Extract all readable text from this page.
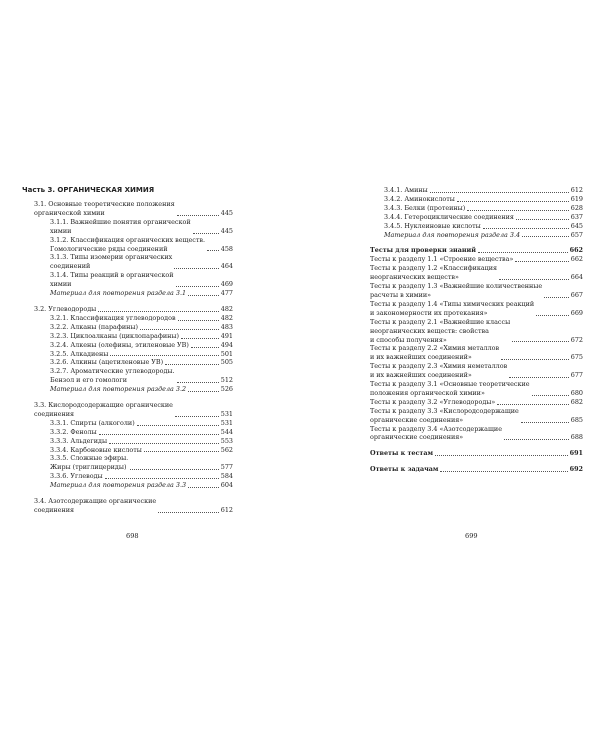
Часть 3. ОРГАНИЧЕСКАЯ ХИМИЯ
3.1. Основные теоретические положения
органической химии	445
3.1.1. Важнейшие понятия органической
химии	445
3.1.2. Классификация органических веществ.
Гомологические ряды соединений	458
3.1.3. Типы изомерии органических
соединений	464
3.1.4. Типы реакций в органической
химии	469
Материал для повторения раздела 3.1	477
3.2. Углеводороды	482
3.2.1. Классификация углеводородов	482
3.2.2. Алканы (парафины)	483
3.2.3. Циклоалканы (циклопарафины)	491
3.2.4. Алкены (олефины, этиленовые УВ)	494
3.2.5. Алкадиены	501
3.2.6. Алкины (ацетиленовые УВ)	505
3.2.7. Ароматические углеводороды.
Бензол и его гомологи	512
Материал для повторения раздела 3.2	526
3.3. Кислородсодержащие органические
соединения	531
3.3.1. Спирты (алкоголи)	531
3.3.2. Фенолы	544
3.3.3. Альдегиды	553
3.3.4. Карбоновые кислоты	562
3.3.5. Сложные эфиры.
Жиры (триглицериды)	577
3.3.6. Углеводы	584
Материал для повторения раздела 3.3	604
3.4. Азотсодержащие органические
соединения	612
3.4.1. Амины	612
3.4.2. Аминокислоты	619
3.4.3. Белки (протеины)	628
3.4.4. Гетероциклические соединения	637
3.4.5. Нуклеиновые кислоты	645
Материал для повторения раздела 3.4	657
Тесты для проверки знаний	662
Тесты к разделу 1.1 «Строение вещества»	662
Тесты к разделу 1.2 «Классификация
неорганических веществ»	664
Тесты к разделу 1.3 «Важнейшие количественные
расчеты в химии»	667
Тесты к разделу 1.4 «Типы химических реакций
и закономерности их протекания»	669
Тесты к разделу 2.1 «Важнейшие классы
неорганических веществ: свойства
и способы получения»	672
Тесты к разделу 2.2 «Химия металлов
и их важнейших соединений»	675
Тесты к разделу 2.3 «Химия неметаллов
и их важнейших соединений»	677
Тесты к разделу 3.1 «Основные теоретические
положения органической химии»	680
Тесты к разделу 3.2 «Углеводороды»	682
Тесты к разделу 3.3 «Кислородсодержащие
органические соединения»	685
Тесты к разделу 3.4 «Азотсодержащие
органические соединения»	688
Ответы к тестам	691
Ответы к задачам	692
698	699
